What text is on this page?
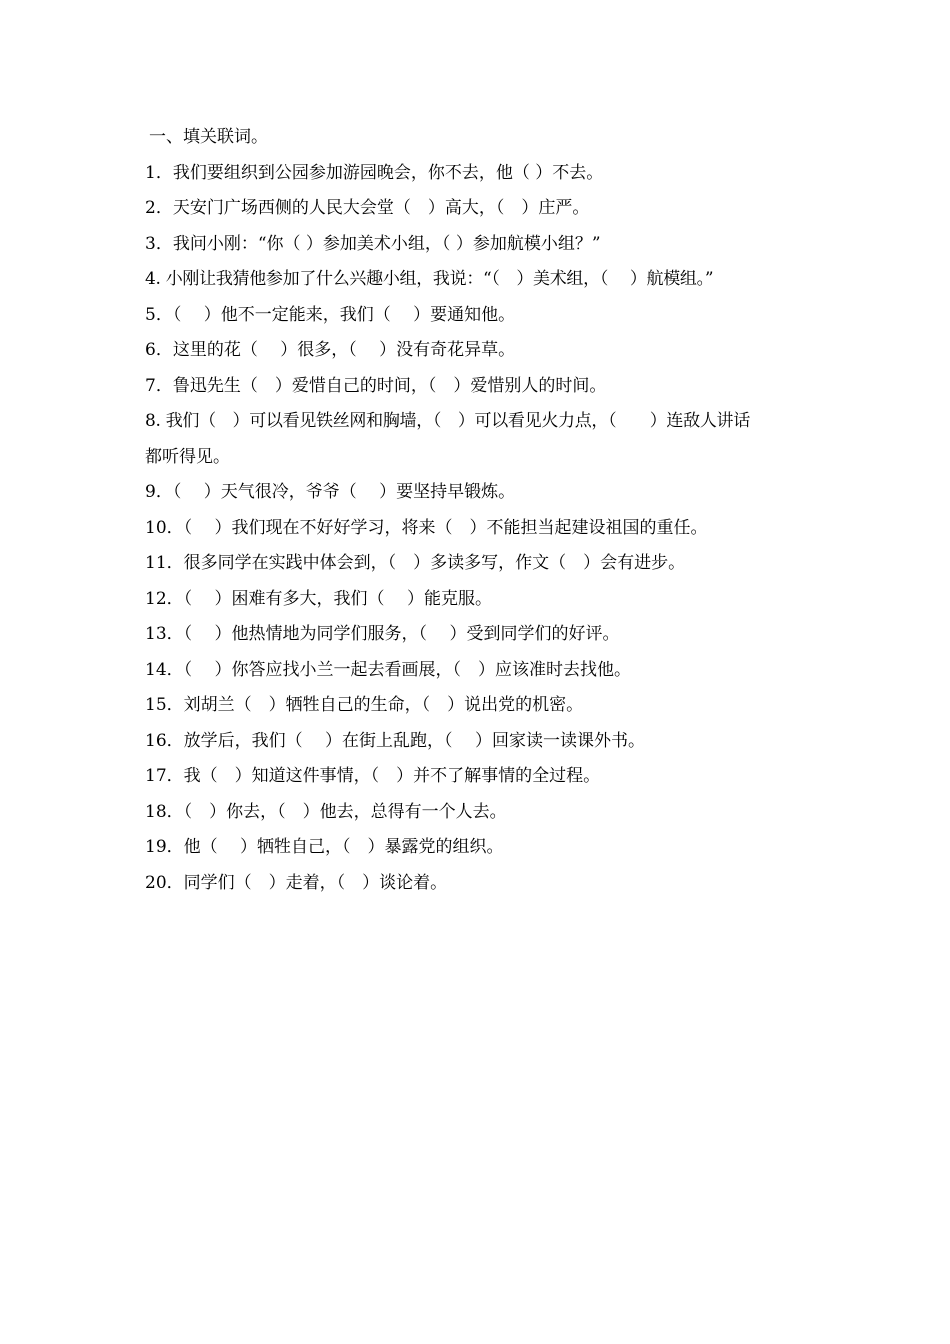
一、填关联词。
1．我们要组织到公园参加游园晚会，你不去，他（ ）不去。
2．天安门广场西侧的人民大会堂（　）高大，（　）庄严。
3．我问小刚：“你（ ）参加美术小组，（ ）参加航模小组？”
4. 小刚让我猜他参加了什么兴趣小组，我说：“（　）美术组，（　 ）航模组。”
5．（　 ）他不一定能来，我们（　 ）要通知他。
6．这里的花（　 ）很多，（　 ）没有奇花异草。
7．鲁迅先生（　）爱惜自己的时间，（　）爱惜别人的时间。
8. 我们（　）可以看见铁丝网和胸墙，（　）可以看见火力点，（　　）连敌人讲话
都听得见。
9．（　 ）天气很冷，爷爷（　 ）要坚持早锻炼。
10．（　 ）我们现在不好好学习，将来（　）不能担当起建设祖国的重任。
11．很多同学在实践中体会到，（　）多读多写，作文（　）会有进步。
12．（　 ）困难有多大，我们（　 ）能克服。
13．（　 ）他热情地为同学们服务，（　 ）受到同学们的好评。
14．（　 ）你答应找小兰一起去看画展，（　）应该准时去找他。
15．刘胡兰（　）牺牲自己的生命，（　）说出党的机密。
16．放学后，我们（　 ）在街上乱跑，（　 ）回家读一读课外书。
17．我（　）知道这件事情，（　）并不了解事情的全过程。
18．（　）你去，（　）他去，总得有一个人去。
19．他（　 ）牺牲自己，（　）暴露党的组织。
20．同学们（　）走着，（　）谈论着。
